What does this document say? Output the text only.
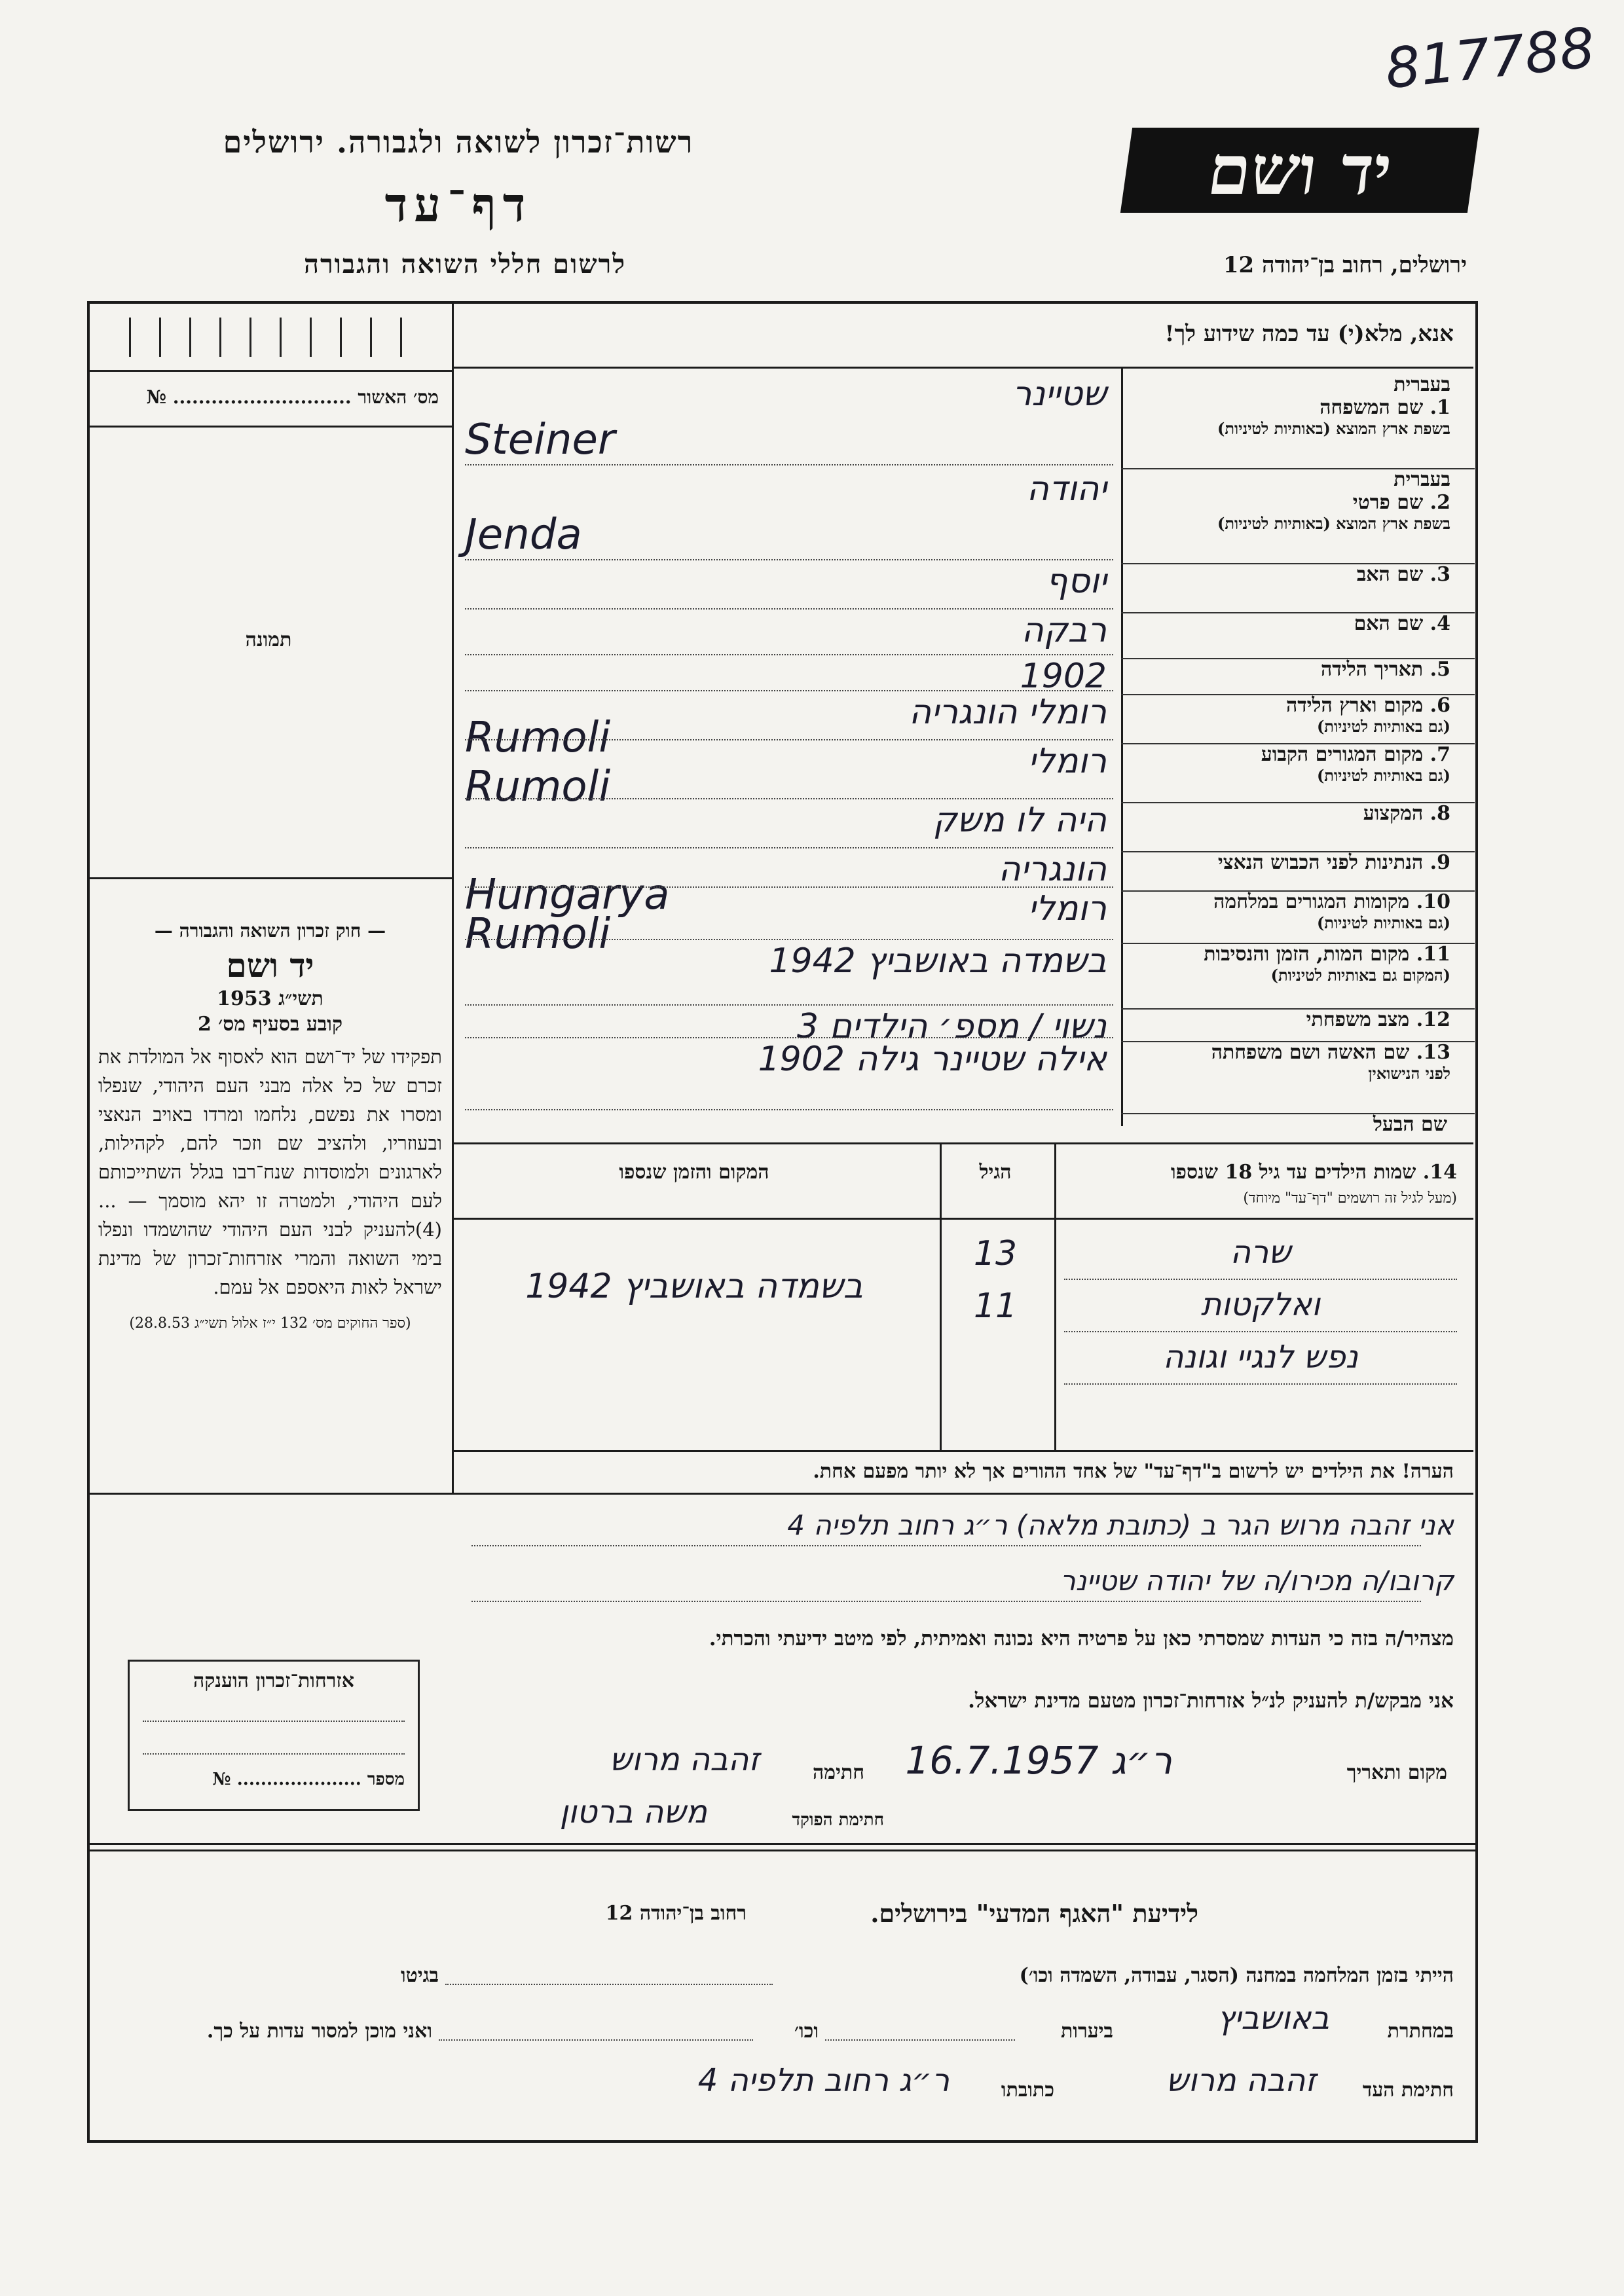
817788
רשות־זכרון לשואה ולגבורה. ירושלים
דף־עד
לרשום חללי השואה והגבורה
יד ושם
ירושלים, רחוב בן־יהודה 12
מס׳ האשור ............................ №
תמונה

— חוק זכרון השואה והגבורה —

יד ושם

תשי״ג 1953

קובע בסעיף מס׳ 2

תפקידו של יד־ושם הוא לאסוף אל המולדת את זכרם של כל אלה מבני העם היהודי, שנפלו ומסרו את נפשם, נלחמו ומרדו באויב הנאצי ובעוזריו, ולהציב שם וזכר להם, לקהילות, לארגונים ולמוסדות שנח־רבו בגלל השתייכותם לעם היהודי, ולמטרה זו יהא מוסמך — ...(4)להעניק לבני העם היהודי שהושמדו ונפלו בימי השואה והמרי אזרחות־זכרון של מדינת ישראל לאות היאספם אל עמם.

(ספר החוקים מס׳ 132 י״ז אלול תשי״ג 28.8.53)

אזרחות־זכרון הוענקה
מספר ..................... №
אנא, מלא(י) עד כמה שידוע לך!
בעברית
1. שם המשפחה
בשפת ארץ המוצא (באותיות לטיניות)
בעברית
2. שם פרטי
בשפת ארץ המוצא (באותיות לטיניות)
3. שם האב
4. שם האם
5. תאריך הלידה
6. מקום וארץ הלידה
(גם באותיות לטיניות)
7. מקום המגורים הקבוע
(גם באותיות לטיניות)
8. המקצוע
9. הנתינות לפני הכבוש הנאצי
10. מקומות המגורים במלחמה
(גם באותיות לטיניות)
11. מקום המות, הזמן והנסיבות
(המקום גם באותיות לטיניות)
12. מצב משפחתי
13. שם האשה ושם משפחתה
לפני הנישואין
שטיינר
Steiner
יהודה
Jenda
יוסף
רבקה
1902
רומלי הונגריה
Rumoli	רומלי
Rumoli
היה לו משק
הונגריה
Hungarya	רומלי
Rumoli
בשמדה באושביץ 1942
נשוי / מספ׳ הילדים 3
אילה שטיינר גילה 1902
שם הבעל
14. שמות הילדים עד גיל 18 שנספו
(מעל לגיל זה רושמים "דף־עד" מיוחד)
הגיל
המקום והזמן שנספו
שרה
13
ואלקטות
11
נפש לנגיי וגונה
בשמדה באושביץ 1942
הערה! את הילדים יש לרשום ב"דף־עד" של אחד ההורים אך לא יותר מפעם אחת.
אני זהבה מרוש הגר ב (כתובת מלאה) ר״ג רחוב תלפיה 4
קרובו/ה מכירו/ה של יהודה שטיינר
מצהיר/ה בזה כי העדות שמסרתי כאן על פרטיה היא נכונה ואמיתית, לפי מיטב ידיעתי והכרתי.
אני מבקש/ת להעניק לנ״ל אזרחות־זכרון מטעם מדינת ישראל.
מקום ותאריך
ר״ג 16.7.1957
חתימה
זהבה מרוש
חתימת הפוקד
משה ברטון
לידיעת "האגף המדעי" בירושלים.
רחוב בן־יהודה 12
הייתי בזמן המלחמה במחנה (הסגר, עבודה, השמדה וכו׳)
בגיטו
במחתרת
באושביץ
ביערות
וכו׳
ואני מוכן למסור עדות על כך.
חתימת העד
זהבה מרוש
כתובתו
ר״ג רחוב תלפיה 4
